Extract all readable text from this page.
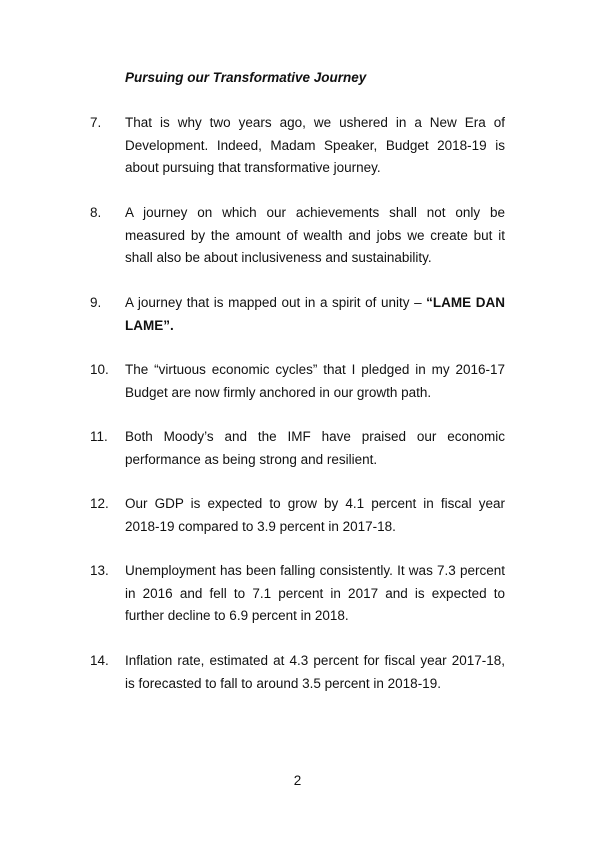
Pursuing our Transformative Journey
7. That is why two years ago, we ushered in a New Era of Development. Indeed, Madam Speaker, Budget 2018-19 is about pursuing that transformative journey.
8. A journey on which our achievements shall not only be measured by the amount of wealth and jobs we create but it shall also be about inclusiveness and sustainability.
9. A journey that is mapped out in a spirit of unity – “LAME DAN LAME”.
10. The “virtuous economic cycles” that I pledged in my 2016-17 Budget are now firmly anchored in our growth path.
11. Both Moody’s and the IMF have praised our economic performance as being strong and resilient.
12. Our GDP is expected to grow by 4.1 percent in fiscal year 2018-19 compared to 3.9 percent in 2017-18.
13. Unemployment has been falling consistently. It was 7.3 percent in 2016 and fell to 7.1 percent in 2017 and is expected to further decline to 6.9 percent in 2018.
14. Inflation rate, estimated at 4.3 percent for fiscal year 2017-18, is forecasted to fall to around 3.5 percent in 2018-19.
2
